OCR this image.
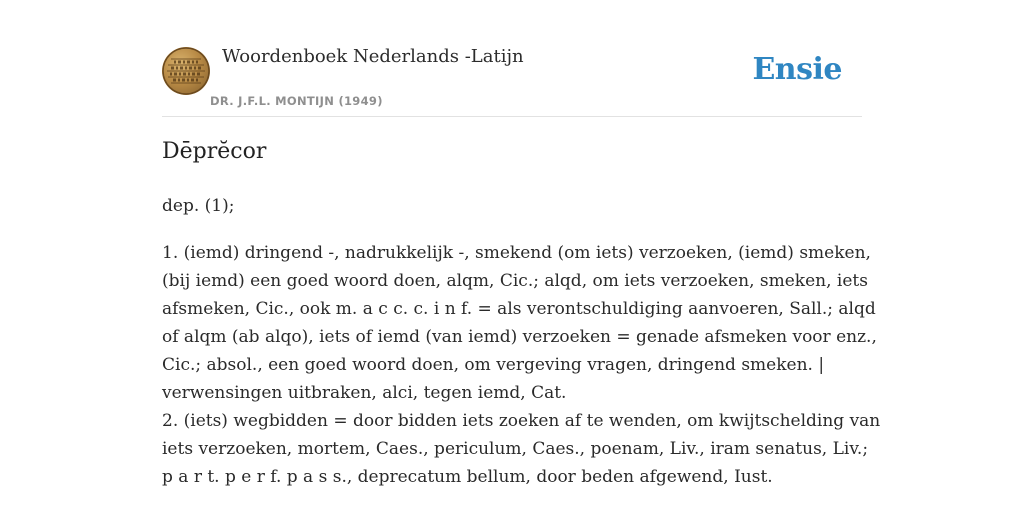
Woordenboek Nederlands -Latijn
DR. J.F.L. MONTIJN (1949)
Ensie
Dēprĕcor

dep. (1);

1. (iemd) dringend -, nadrukkelijk -, smekend (om iets) verzoeken, (iemd) smeken,

(bij iemd) een goed woord doen, alqm, Cic.; alqd, om iets verzoeken, smeken, iets

afsmeken, Cic., ook m. a c c. c. i n f. = als verontschuldiging aanvoeren, Sall.; alqd

of alqm (ab alqo), iets of iemd (van iemd) verzoeken = genade afsmeken voor enz.,

Cic.; absol., een goed woord doen, om vergeving vragen, dringend smeken. |

verwensingen uitbraken, alci, tegen iemd, Cat.

2. (iets) wegbidden = door bidden iets zoeken af te wenden, om kwijtschelding van

iets verzoeken, mortem, Caes., periculum, Caes., poenam, Liv., iram senatus, Liv.;

p a r t. p e r f. p a s s., deprecatum bellum, door beden afgewend, Iust.
